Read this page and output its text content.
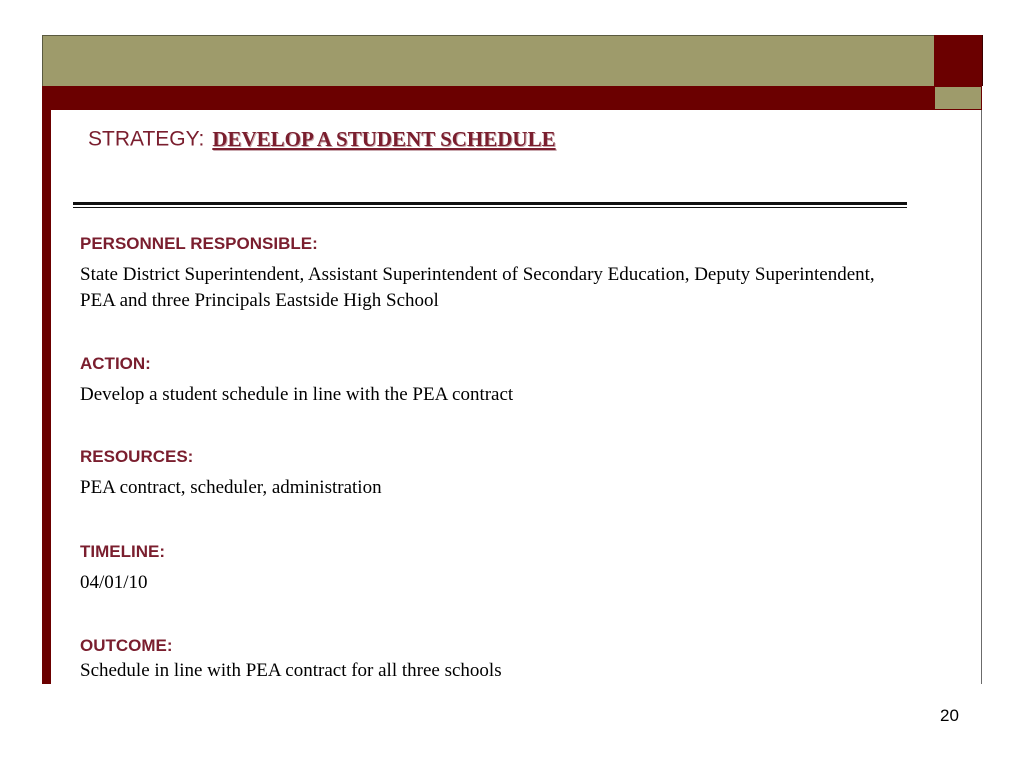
STRATEGY: DEVELOP A STUDENT SCHEDULE

PERSONNEL RESPONSIBLE:

State District Superintendent, Assistant Superintendent of Secondary Education, Deputy Superintendent, PEA and three Principals Eastside High School

ACTION:

Develop a student schedule in line with the PEA contract

RESOURCES:

PEA contract, scheduler, administration

TIMELINE:

04/01/10

OUTCOME:

Schedule in line with PEA contract for all three schools

20
